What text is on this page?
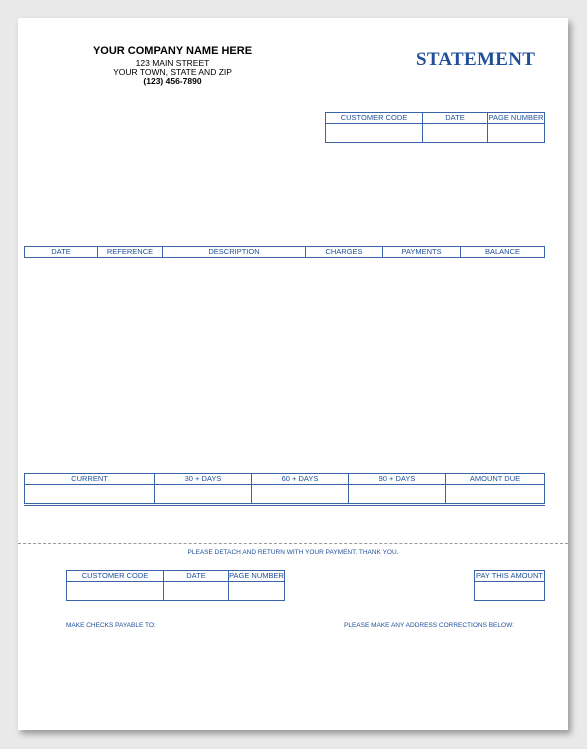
YOUR COMPANY NAME HERE
123 MAIN STREET
YOUR TOWN, STATE AND ZIP
(123) 456-7890
STATEMENT
CUSTOMER CODE	DATE	PAGE NUMBER

DATE	REFERENCE	DESCRIPTION	CHARGES	PAYMENTS	BALANCE
CURRENT	30 + DAYS	60 + DAYS	90 + DAYS	AMOUNT DUE

PLEASE DETACH AND RETURN WITH YOUR PAYMENT. THANK YOU.
CUSTOMER CODE	DATE	PAGE NUMBER
			PAY THIS AMOUNT

MAKE CHECKS PAYABLE TO:	PLEASE MAKE ANY ADDRESS CORRECTIONS BELOW:
